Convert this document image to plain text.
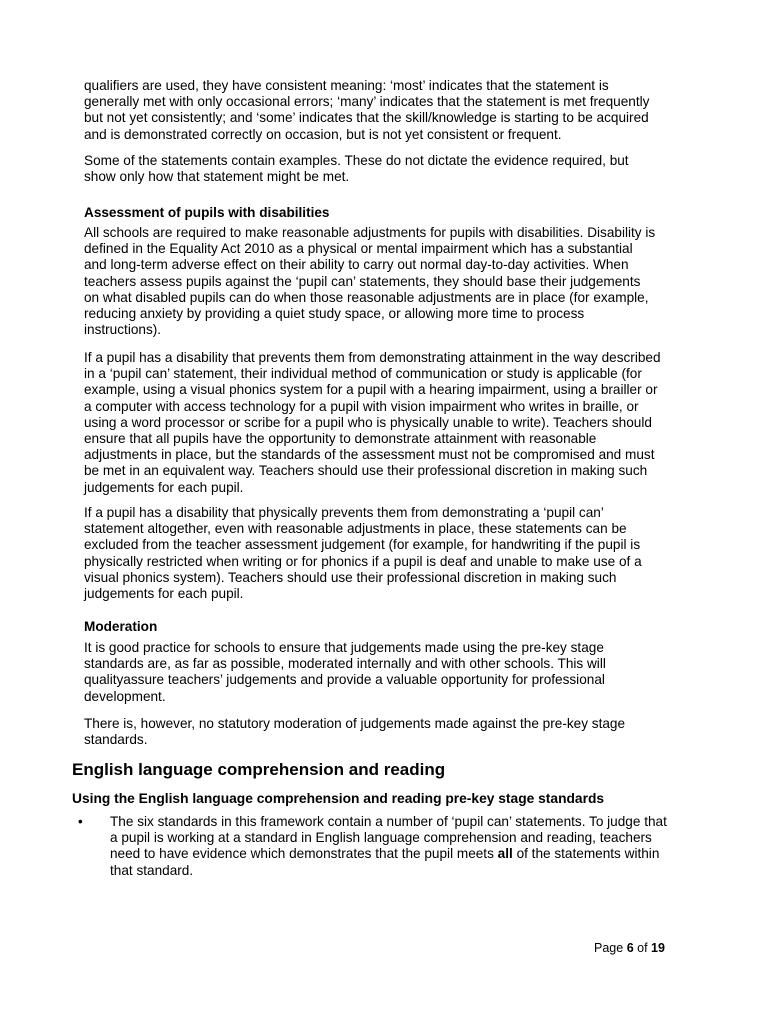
qualifiers are used, they have consistent meaning: ‘most’ indicates that the statement is
generally met with only occasional errors; ‘many’ indicates that the statement is met frequently
but not yet consistently; and ‘some’ indicates that the skill/knowledge is starting to be acquired
and is demonstrated correctly on occasion, but is not yet consistent or frequent.

Some of the statements contain examples. These do not dictate the evidence required, but
show only how that statement might be met.

Assessment of pupils with disabilities

All schools are required to make reasonable adjustments for pupils with disabilities. Disability is
defined in the Equality Act 2010 as a physical or mental impairment which has a substantial
and long-term adverse effect on their ability to carry out normal day-to-day activities. When
teachers assess pupils against the ‘pupil can’ statements, they should base their judgements
on what disabled pupils can do when those reasonable adjustments are in place (for example,
reducing anxiety by providing a quiet study space, or allowing more time to process
instructions).

If a pupil has a disability that prevents them from demonstrating attainment in the way described
in a ‘pupil can’ statement, their individual method of communication or study is applicable (for
example, using a visual phonics system for a pupil with a hearing impairment, using a brailler or
a computer with access technology for a pupil with vision impairment who writes in braille, or
using a word processor or scribe for a pupil who is physically unable to write). Teachers should
ensure that all pupils have the opportunity to demonstrate attainment with reasonable
adjustments in place, but the standards of the assessment must not be compromised and must
be met in an equivalent way. Teachers should use their professional discretion in making such
judgements for each pupil.

If a pupil has a disability that physically prevents them from demonstrating a ‘pupil can’
statement altogether, even with reasonable adjustments in place, these statements can be
excluded from the teacher assessment judgement (for example, for handwriting if the pupil is
physically restricted when writing or for phonics if a pupil is deaf and unable to make use of a
visual phonics system). Teachers should use their professional discretion in making such
judgements for each pupil.

Moderation

It is good practice for schools to ensure that judgements made using the pre-key stage
standards are, as far as possible, moderated internally and with other schools. This will
qualityassure teachers’ judgements and provide a valuable opportunity for professional
development.

There is, however, no statutory moderation of judgements made against the pre-key stage
standards.

English language comprehension and reading
Using the English language comprehension and reading pre-key stage standards
• The six standards in this framework contain a number of ‘pupil can’ statements. To judge that a pupil is working at a standard in English language comprehension and reading, teachers need to have evidence which demonstrates that the pupil meets all of the statements within that standard.

Page 6 of 19
